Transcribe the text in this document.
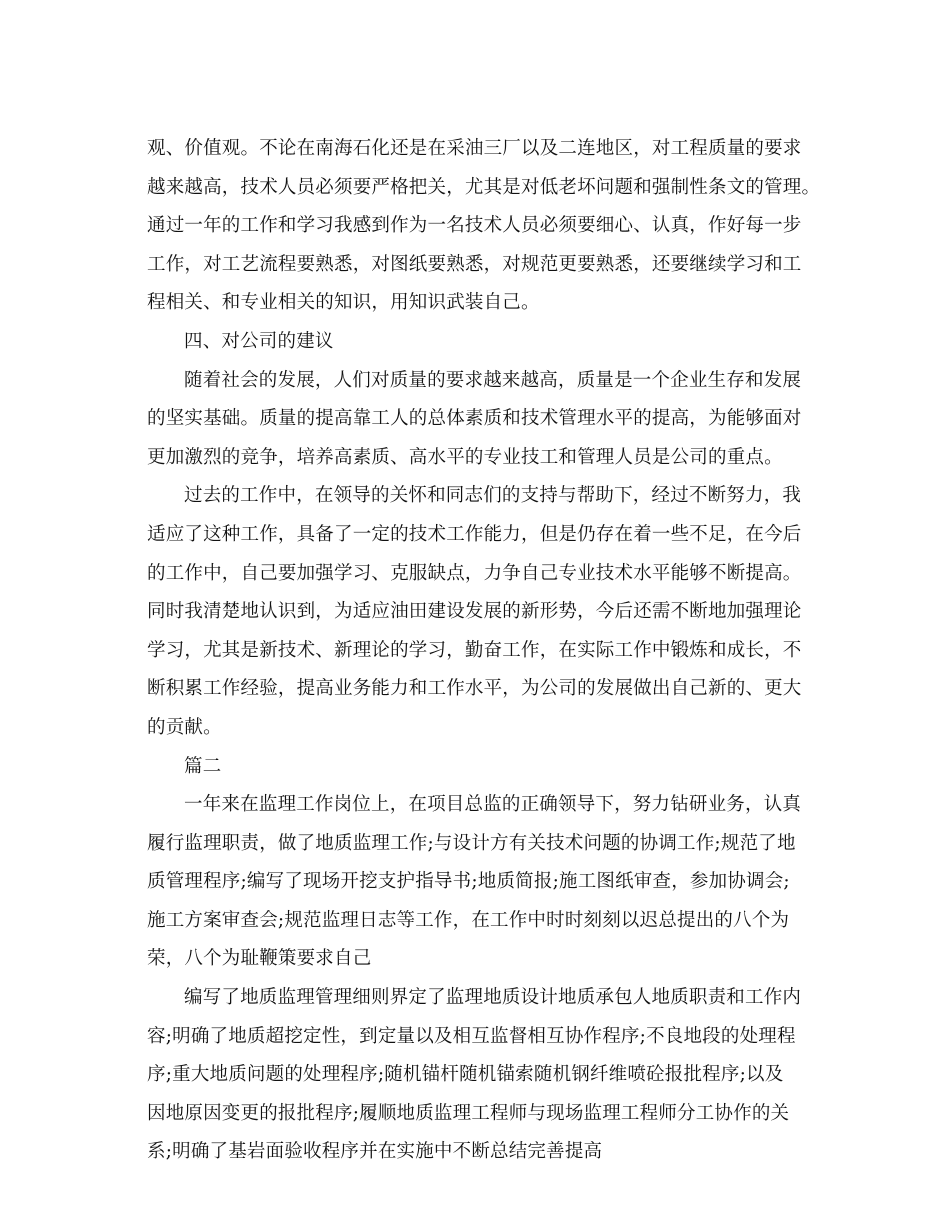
观、价值观。不论在南海石化还是在采油三厂以及二连地区，对工程质量的要求
越来越高，技术人员必须要严格把关，尤其是对低老坏问题和强制性条文的管理。
通过一年的工作和学习我感到作为一名技术人员必须要细心、认真，作好每一步
工作，对工艺流程要熟悉，对图纸要熟悉，对规范更要熟悉，还要继续学习和工
程相关、和专业相关的知识，用知识武装自己。
四、对公司的建议
随着社会的发展，人们对质量的要求越来越高，质量是一个企业生存和发展
的坚实基础。质量的提高靠工人的总体素质和技术管理水平的提高，为能够面对
更加激烈的竞争，培养高素质、高水平的专业技工和管理人员是公司的重点。
过去的工作中，在领导的关怀和同志们的支持与帮助下，经过不断努力，我
适应了这种工作，具备了一定的技术工作能力，但是仍存在着一些不足，在今后
的工作中，自己要加强学习、克服缺点，力争自己专业技术水平能够不断提高。
同时我清楚地认识到，为适应油田建设发展的新形势，今后还需不断地加强理论
学习，尤其是新技术、新理论的学习，勤奋工作，在实际工作中锻炼和成长，不
断积累工作经验，提高业务能力和工作水平，为公司的发展做出自己新的、更大
的贡献。
篇二
一年来在监理工作岗位上，在项目总监的正确领导下，努力钻研业务，认真
履行监理职责，做了地质监理工作;与设计方有关技术问题的协调工作;规范了地
质管理程序;编写了现场开挖支护指导书;地质简报;施工图纸审查，参加协调会;
施工方案审查会;规范监理日志等工作，在工作中时时刻刻以迟总提出的八个为
荣，八个为耻鞭策要求自己
编写了地质监理管理细则界定了监理地质设计地质承包人地质职责和工作内
容;明确了地质超挖定性，到定量以及相互监督相互协作程序;不良地段的处理程
序;重大地质问题的处理程序;随机锚杆随机锚索随机钢纤维喷砼报批程序;以及
因地原因变更的报批程序;履顺地质监理工程师与现场监理工程师分工协作的关
系;明确了基岩面验收程序并在实施中不断总结完善提高
